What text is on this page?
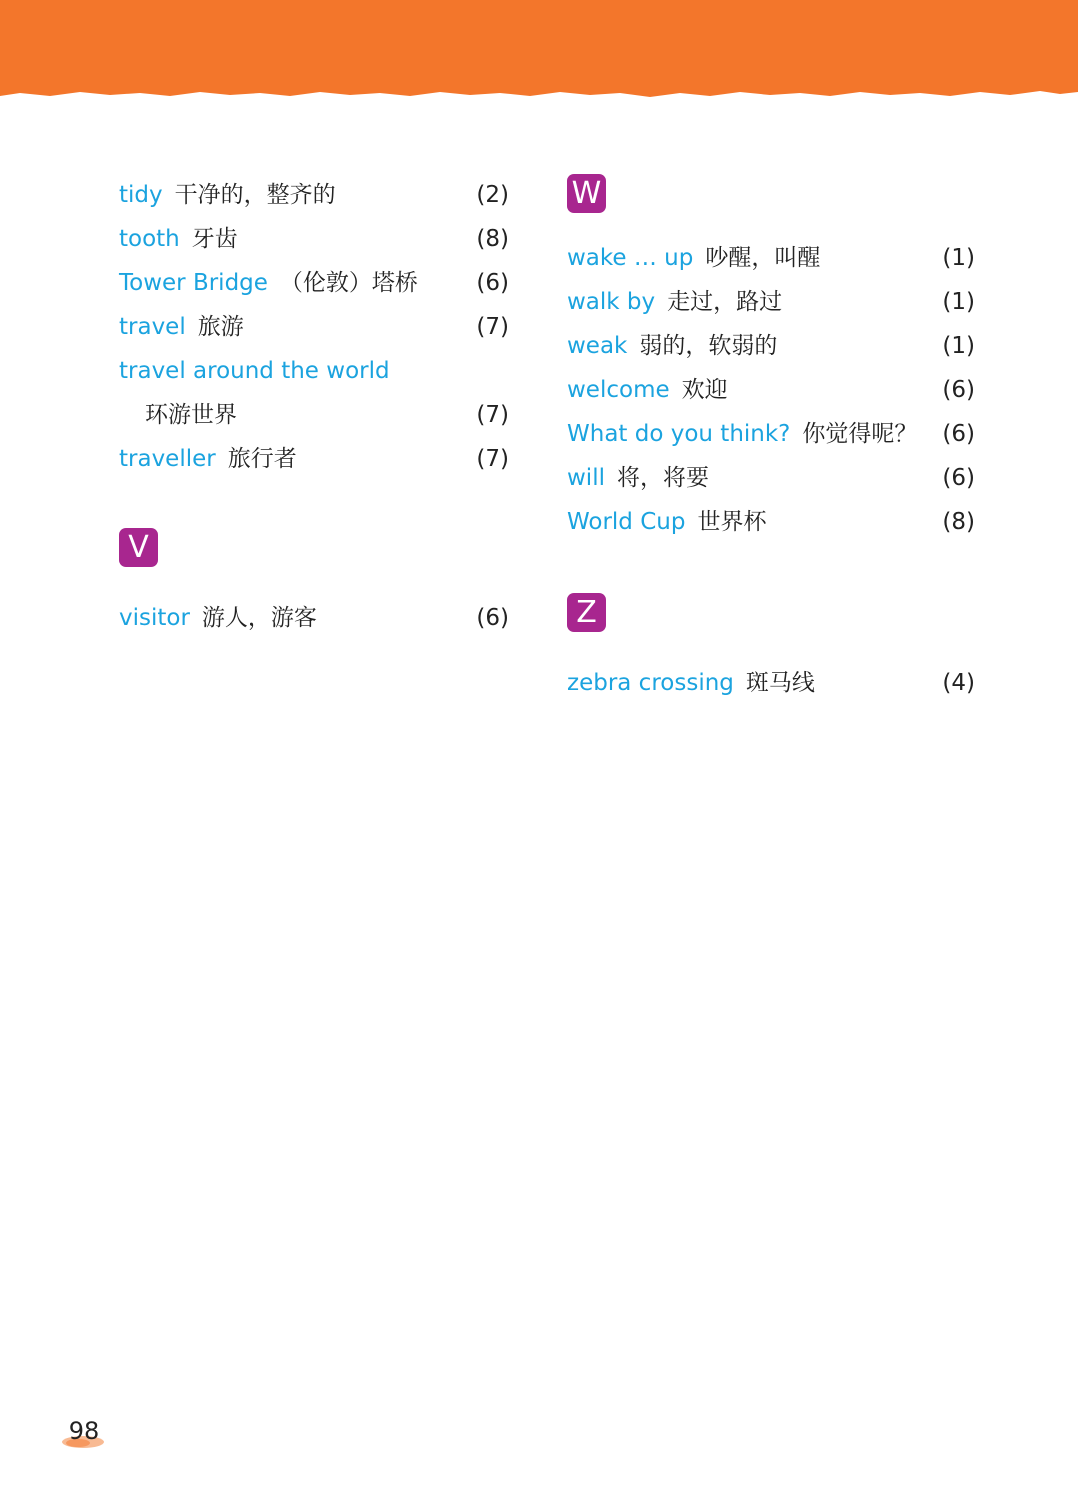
tidy 干净的，整齐的	(2)
tooth 牙齿	(8)
Tower Bridge （伦敦）塔桥	(6)
travel 旅游	(7)
travel around the world
环游世界	(7)
traveller 旅行者	(7)
V
visitor 游人，游客	(6)
W
wake … up 吵醒，叫醒	(1)
walk by 走过，路过	(1)
weak 弱的，软弱的	(1)
welcome 欢迎	(6)
What do you think? 你觉得呢？ (6)
will 将，将要	(6)
World Cup 世界杯	(8)
Z
zebra crossing 斑马线	(4)
98
